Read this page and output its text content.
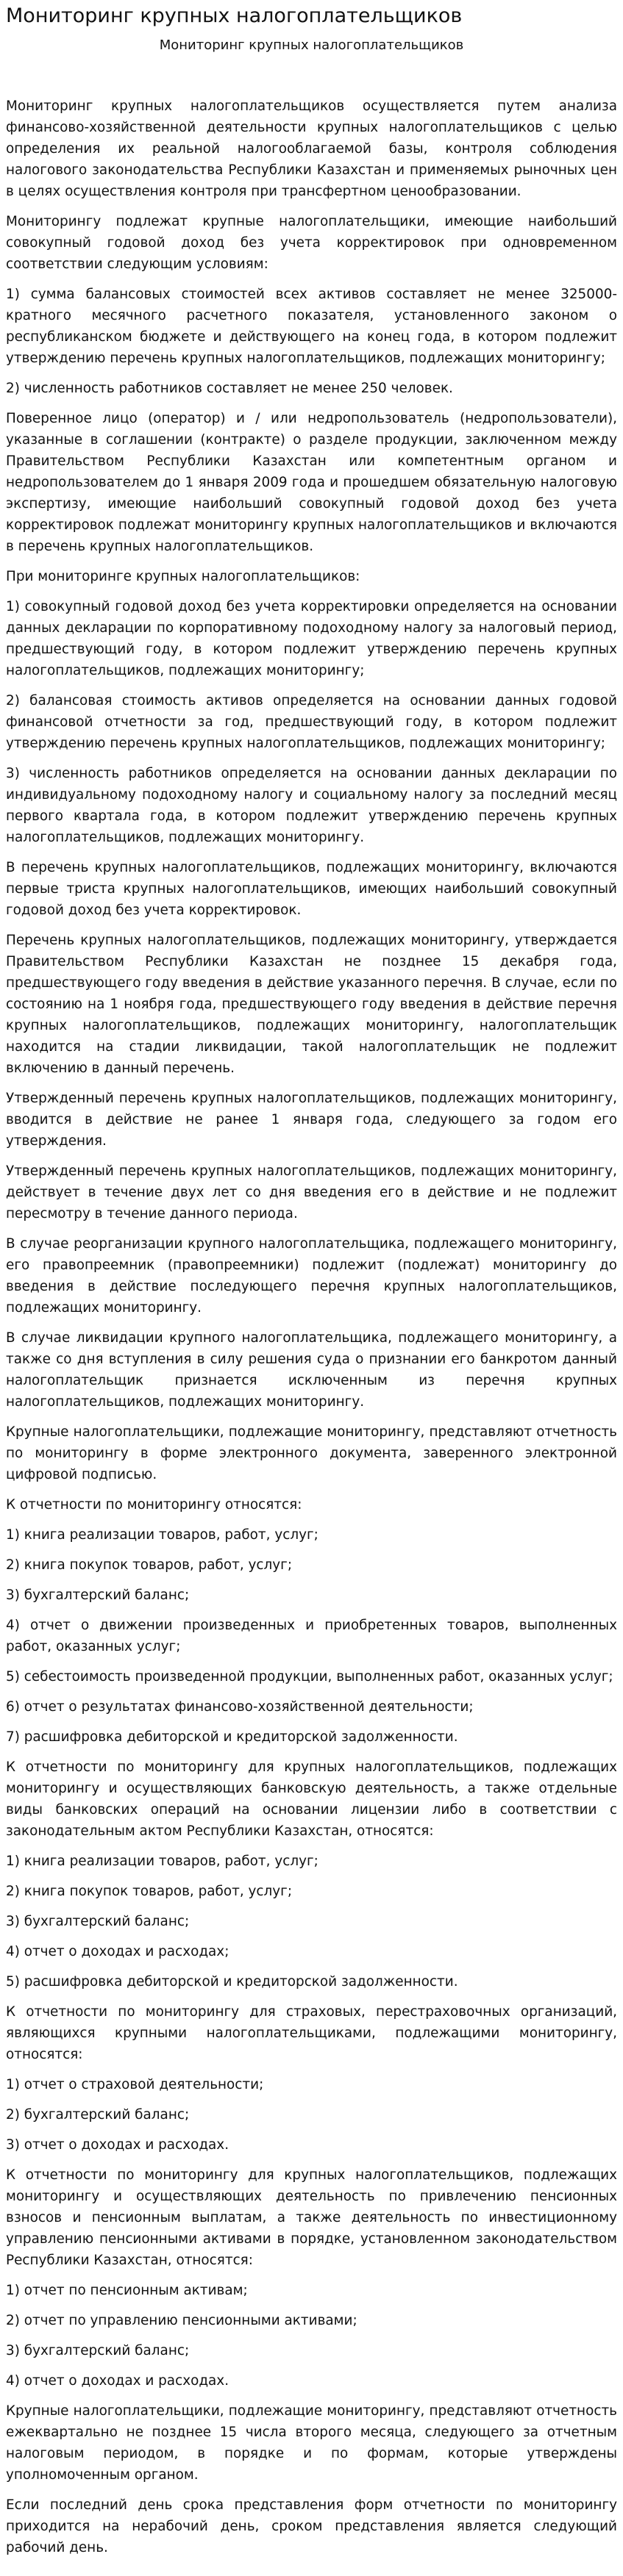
Мониторинг крупных налогоплательщиков
Мониторинг крупных налогоплательщиков

Мониторинг крупных налогоплательщиков осуществляется путем анализа финансово-хозяйственной деятельности крупных налогоплательщиков с целью определения их реальной налогооблагаемой базы, контроля соблюдения налогового законодательства Республики Казахстан и применяемых рыночных цен в целях осуществления контроля при трансфертном ценообразовании.

Мониторингу подлежат крупные налогоплательщики, имеющие наибольший совокупный годовой доход без учета корректировок при одновременном соответствии следующим условиям:

1) сумма балансовых стоимостей всех активов составляет не менее 325000-кратного месячного расчетного показателя, установленного законом о республиканском бюджете и действующего на конец года, в котором подлежит утверждению перечень крупных налогоплательщиков, подлежащих мониторингу;

2) численность работников составляет не менее 250 человек.

Поверенное лицо (оператор) и / или недропользователь (недропользователи), указанные в соглашении (контракте) о разделе продукции, заключенном между Правительством Республики Казахстан или компетентным органом и недропользователем до 1 января 2009 года и прошедшем обязательную налоговую экспертизу, имеющие наибольший совокупный годовой доход без учета корректировок подлежат мониторингу крупных налогоплательщиков и включаются в перечень крупных налогоплательщиков.

При мониторинге крупных налогоплательщиков:

1) совокупный годовой доход без учета корректировки определяется на основании данных декларации по корпоративному подоходному налогу за налоговый период, предшествующий году, в котором подлежит утверждению перечень крупных налогоплательщиков, подлежащих мониторингу;

2) балансовая стоимость активов определяется на основании данных годовой финансовой отчетности за год, предшествующий году, в котором подлежит утверждению перечень крупных налогоплательщиков, подлежащих мониторингу;

3) численность работников определяется на основании данных декларации по индивидуальному подоходному налогу и социальному налогу за последний месяц первого квартала года, в котором подлежит утверждению перечень крупных налогоплательщиков, подлежащих мониторингу.

В перечень крупных налогоплательщиков, подлежащих мониторингу, включаются первые триста крупных налогоплательщиков, имеющих наибольший совокупный годовой доход без учета корректировок.

Перечень крупных налогоплательщиков, подлежащих мониторингу, утверждается Правительством Республики Казахстан не позднее 15 декабря года, предшествующего году введения в действие указанного перечня. В случае, если по состоянию на 1 ноября года, предшествующего году введения в действие перечня крупных налогоплательщиков, подлежащих мониторингу, налогоплательщик находится на стадии ликвидации, такой налогоплательщик не подлежит включению в данный перечень.

Утвержденный перечень крупных налогоплательщиков, подлежащих мониторингу, вводится в действие не ранее 1 января года, следующего за годом его утверждения.

Утвержденный перечень крупных налогоплательщиков, подлежащих мониторингу, действует в течение двух лет со дня введения его в действие и не подлежит пересмотру в течение данного периода.

В случае реорганизации крупного налогоплательщика, подлежащего мониторингу, его правопреемник (правопреемники) подлежит (подлежат) мониторингу до введения в действие последующего перечня крупных налогоплательщиков, подлежащих мониторингу.

В случае ликвидации крупного налогоплательщика, подлежащего мониторингу, а также со дня вступления в силу решения суда о признании его банкротом данный налогоплательщик признается исключенным из перечня крупных налогоплательщиков, подлежащих мониторингу.

Крупные налогоплательщики, подлежащие мониторингу, представляют отчетность по мониторингу в форме электронного документа, заверенного электронной цифровой подписью.

К отчетности по мониторингу относятся:

1) книга реализации товаров, работ, услуг;

2) книга покупок товаров, работ, услуг;

3) бухгалтерский баланс;

4) отчет о движении произведенных и приобретенных товаров, выполненных работ, оказанных услуг;

5) себестоимость произведенной продукции, выполненных работ, оказанных услуг;

6) отчет о результатах финансово-хозяйственной деятельности;

7) расшифровка дебиторской и кредиторской задолженности.

К отчетности по мониторингу для крупных налогоплательщиков, подлежащих мониторингу и осуществляющих банковскую деятельность, а также отдельные виды банковских операций на основании лицензии либо в соответствии с законодательным актом Республики Казахстан, относятся:

1) книга реализации товаров, работ, услуг;

2) книга покупок товаров, работ, услуг;

3) бухгалтерский баланс;

4) отчет о доходах и расходах;

5) расшифровка дебиторской и кредиторской задолженности.

К отчетности по мониторингу для страховых, перестраховочных организаций, являющихся крупными налогоплательщиками, подлежащими мониторингу, относятся:

1) отчет о страховой деятельности;

2) бухгалтерский баланс;

3) отчет о доходах и расходах.

К отчетности по мониторингу для крупных налогоплательщиков, подлежащих мониторингу и осуществляющих деятельность по привлечению пенсионных взносов и пенсионным выплатам, а также деятельность по инвестиционному управлению пенсионными активами в порядке, установленном законодательством Республики Казахстан, относятся:

1) отчет по пенсионным активам;

2) отчет по управлению пенсионными активами;

3) бухгалтерский баланс;

4) отчет о доходах и расходах.

Крупные налогоплательщики, подлежащие мониторингу, представляют отчетность ежеквартально не позднее 15 числа второго месяца, следующего за отчетным налоговым периодом, в порядке и по формам, которые утверждены уполномоченным органом.

Если последний день срока представления форм отчетности по мониторингу приходится на нерабочий день, сроком представления является следующий рабочий день.
